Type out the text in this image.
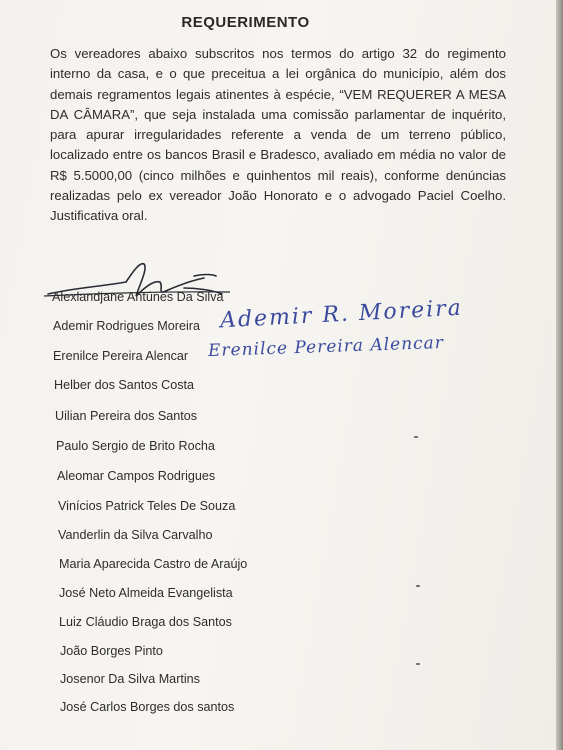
REQUERIMENTO

Os vereadores abaixo subscritos nos termos do artigo 32 do regimento interno da casa, e o que preceitua a lei orgânica do município, além dos demais regramentos legais atinentes à espécie, “VEM REQUERER A MESA DA CÂMARA”, que seja instalada uma comissão parlamentar de inquérito, para apurar irregularidades referente a venda de um terreno público, localizado entre os bancos Brasil e Bradesco, avaliado em média no valor de R$ 5.5000,00 (cinco milhões e quinhentos mil reais), conforme denúncias realizadas pelo ex vereador João Honorato e o advogado Paciel Coelho. Justificativa oral.

Alexlandjane Antúnes Da Silva
Ademir Rodrigues Moreira
Erenilce Pereira Alencar
Helber dos Santos Costa
Uilian Pereira dos Santos
Paulo Sergio de Brito Rocha
Aleomar Campos Rodrigues
Vinícios Patrick Teles De Souza
Vanderlin da Silva Carvalho
Maria Aparecida Castro de Araújo
José Neto Almeida Evangelista
Luiz Cláudio Braga dos Santos
João Borges Pinto
Josenor Da Silva Martins
José Carlos Borges dos santos
Ademir R. Moreira
Erenilce Pereira Alencar
